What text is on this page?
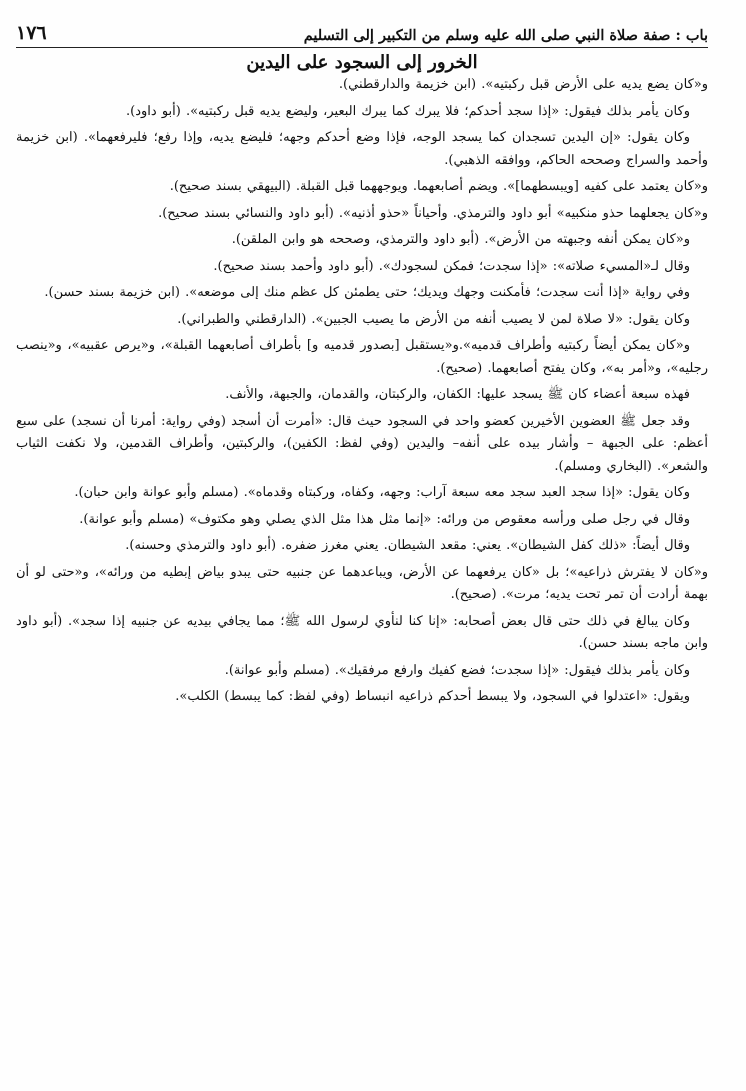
باب : صفة صلاة النبي صلى الله عليه وسلم من التكبير إلى التسليم
١٧٦
الخرور إلى السجود على اليدين

و«كان يضع يديه على الأرض قبل ركبتيه». (ابن خزيمة والدارقطني).

وكان يأمر بذلك فيقول: «إذا سجد أحدكم؛ فلا يبرك كما يبرك البعير، وليضع يديه قبل ركبتيه». (أبو داود).

وكان يقول: «إن اليدين تسجدان كما يسجد الوجه، فإذا وضع أحدكم وجهه؛ فليضع يديه، وإذا رفع؛ فليرفعهما». (ابن خزيمة وأحمد والسراج وصححه الحاكم، ووافقه الذهبي).

و«كان يعتمد على كفيه [ويبسطهما]». ويضم أصابعهما. ويوجههما قبل القبلة. (البيهقي بسند صحيح).

و«كان يجعلهما حذو منكبيه» أبو داود والترمذي. وأحياناً «حذو أذنيه». (أبو داود والنسائي بسند صحيح).

و«كان يمكن أنفه وجبهته من الأرض». (أبو داود والترمذي، وصححه هو وابن الملقن).

وقال لـ«المسيء صلاته»: «إذا سجدت؛ فمكن لسجودك». (أبو داود وأحمد بسند صحيح).

وفي رواية «إذا أنت سجدت؛ فأمكنت وجهك ويديك؛ حتى يطمئن كل عظم منك إلى موضعه». (ابن خزيمة بسند حسن).

وكان يقول: «لا صلاة لمن لا يصيب أنفه من الأرض ما يصيب الجبين». (الدارقطني والطبراني).

و«كان يمكن أيضاً ركبتيه وأطراف قدميه».و«يستقبل [بصدور قدميه و] بأطراف أصابعهما القبلة»، و«يرص عقبيه»، و«ينصب رجليه»، و«أمر به»، وكان يفتح أصابعهما. (صحيح).

فهذه سبعة أعضاء كان ﷺ يسجد عليها: الكفان، والركبتان، والقدمان، والجبهة، والأنف.

وقد جعل ﷺ العضوين الأخيرين كعضو واحد في السجود حيث قال: «أمرت أن أسجد (وفي رواية: أمرنا أن نسجد) على سبع أعظم: على الجبهة – وأشار بيده على أنفه– واليدين (وفي لفظ: الكفين)، والركبتين، وأطراف القدمين، ولا نكفت الثياب والشعر». (البخاري ومسلم).

وكان يقول: «إذا سجد العبد سجد معه سبعة آراب: وجهه، وكفاه، وركبتاه وقدماه». (مسلم وأبو عوانة وابن حبان).

وقال في رجل صلى ورأسه معقوص من ورائه: «إنما مثل هذا مثل الذي يصلي وهو مكتوف» (مسلم وأبو عوانة).

وقال أيضاً: «ذلك كفل الشيطان». يعني: مقعد الشيطان. يعني مغرز ضفره. (أبو داود والترمذي وحسنه).

و«كان لا يفترش ذراعيه»؛ بل «كان يرفعهما عن الأرض، ويباعدهما عن جنبيه حتى يبدو بياض إبطيه من ورائه»، و«حتى لو أن بهمة أرادت أن تمر تحت يديه؛ مرت». (صحيح).

وكان يبالغ في ذلك حتى قال بعض أصحابه: «إنا كنا لنأوي لرسول الله ﷺ؛ مما يجافي بيديه عن جنبيه إذا سجد». (أبو داود وابن ماجه بسند حسن).

وكان يأمر بذلك فيقول: «إذا سجدت؛ فضع كفيك وارفع مرفقيك». (مسلم وأبو عوانة).

ويقول: «اعتدلوا في السجود، ولا يبسط أحدكم ذراعيه انبساط (وفي لفظ: كما يبسط) الكلب».
